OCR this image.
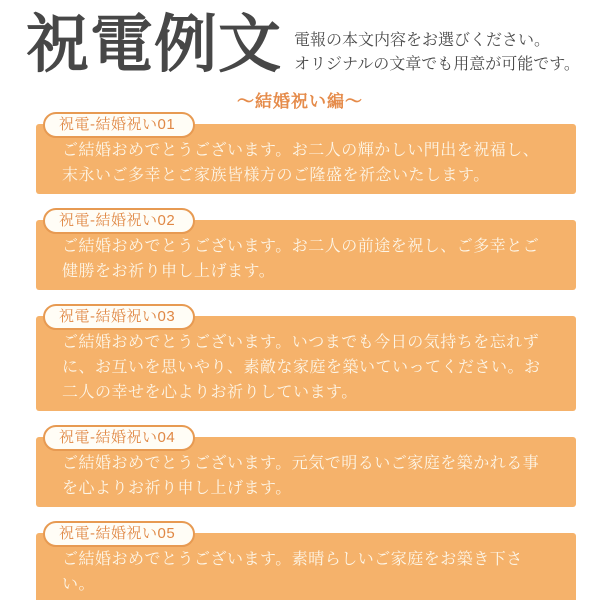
祝電例文 電報の本文内容をお選びください。
オリジナルの文章でも用意が可能です。
〜結婚祝い編〜
祝電-結婚祝い01
ご結婚おめでとうございます。お二人の輝かしい門出を祝福し、末永いご多幸とご家族皆様方のご隆盛を祈念いたします。
祝電-結婚祝い02
ご結婚おめでとうございます。お二人の前途を祝し、ご多幸とご健勝をお祈り申し上げます。
祝電-結婚祝い03
ご結婚おめでとうございます。いつまでも今日の気持ちを忘れずに、お互いを思いやり、素敵な家庭を築いていってください。お二人の幸せを心よりお祈りしています。
祝電-結婚祝い04
ご結婚おめでとうございます。元気で明るいご家庭を築かれる事を心よりお祈り申し上げます。
祝電-結婚祝い05
ご結婚おめでとうございます。素晴らしいご家庭をお築き下さい。
